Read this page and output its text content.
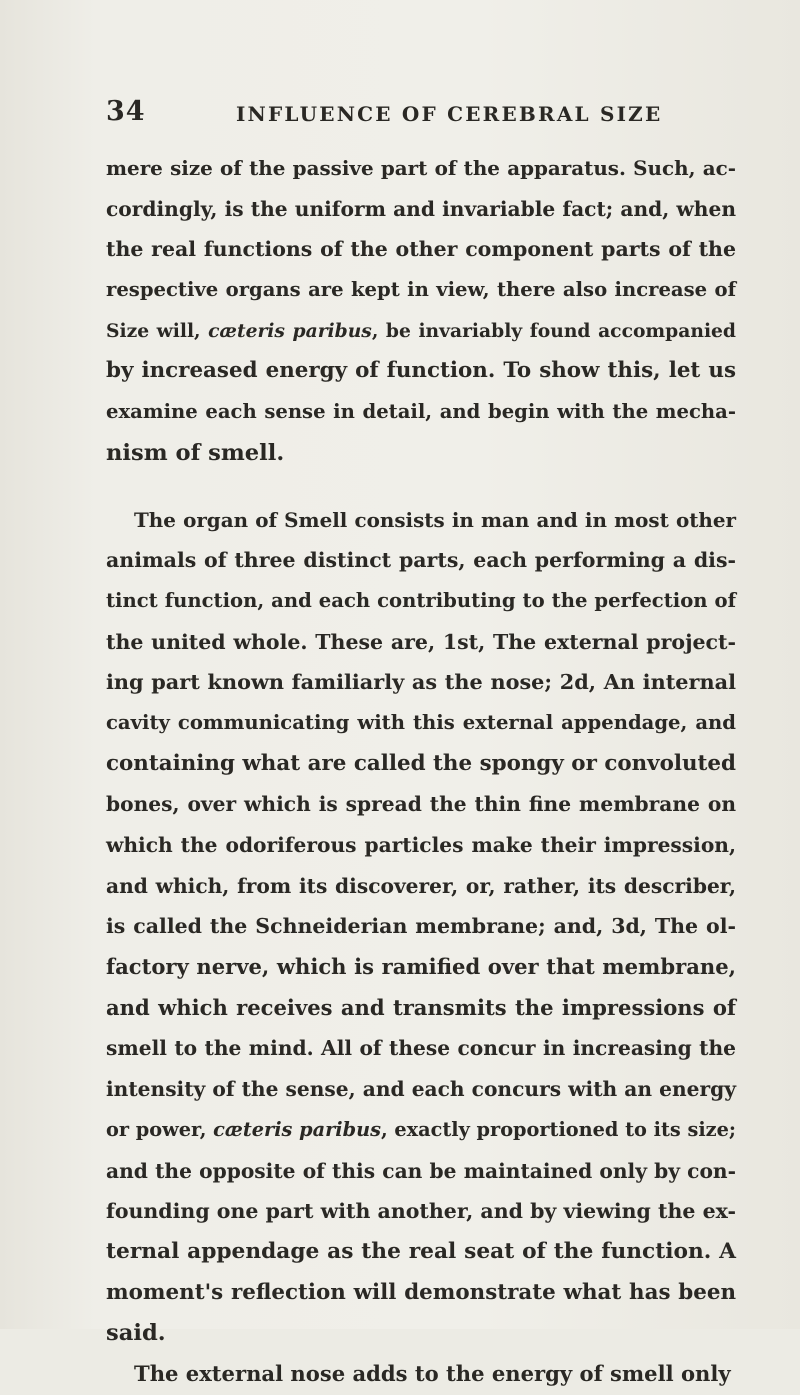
34	INFLUENCE OF CEREBRAL SIZE
mere size of the passive part of the apparatus. Such, ac-
cordingly, is the uniform and invariable fact; and, when
the real functions of the other component parts of the
respective organs are kept in view, there also increase of
Size will, cæteris paribus, be invariably found accompanied
by increased energy of function. To show this, let us
examine each sense in detail, and begin with the mecha-
nism of smell.
The organ of Smell consists in man and in most other
animals of three distinct parts, each performing a dis-
tinct function, and each contributing to the perfection of
the united whole. These are, 1st, The external project-
ing part known familiarly as the nose; 2d, An internal
cavity communicating with this external appendage, and
containing what are called the spongy or convoluted
bones, over which is spread the thin fine membrane on
which the odoriferous particles make their impression,
and which, from its discoverer, or, rather, its describer,
is called the Schneiderian membrane; and, 3d, The ol-
factory nerve, which is ramified over that membrane,
and which receives and transmits the impressions of
smell to the mind. All of these concur in increasing the
intensity of the sense, and each concurs with an energy
or power, cæteris paribus, exactly proportioned to its size;
and the opposite of this can be maintained only by con-
founding one part with another, and by viewing the ex-
ternal appendage as the real seat of the function. A
moment's reflection will demonstrate what has been
said.
The external nose adds to the energy of smell only
